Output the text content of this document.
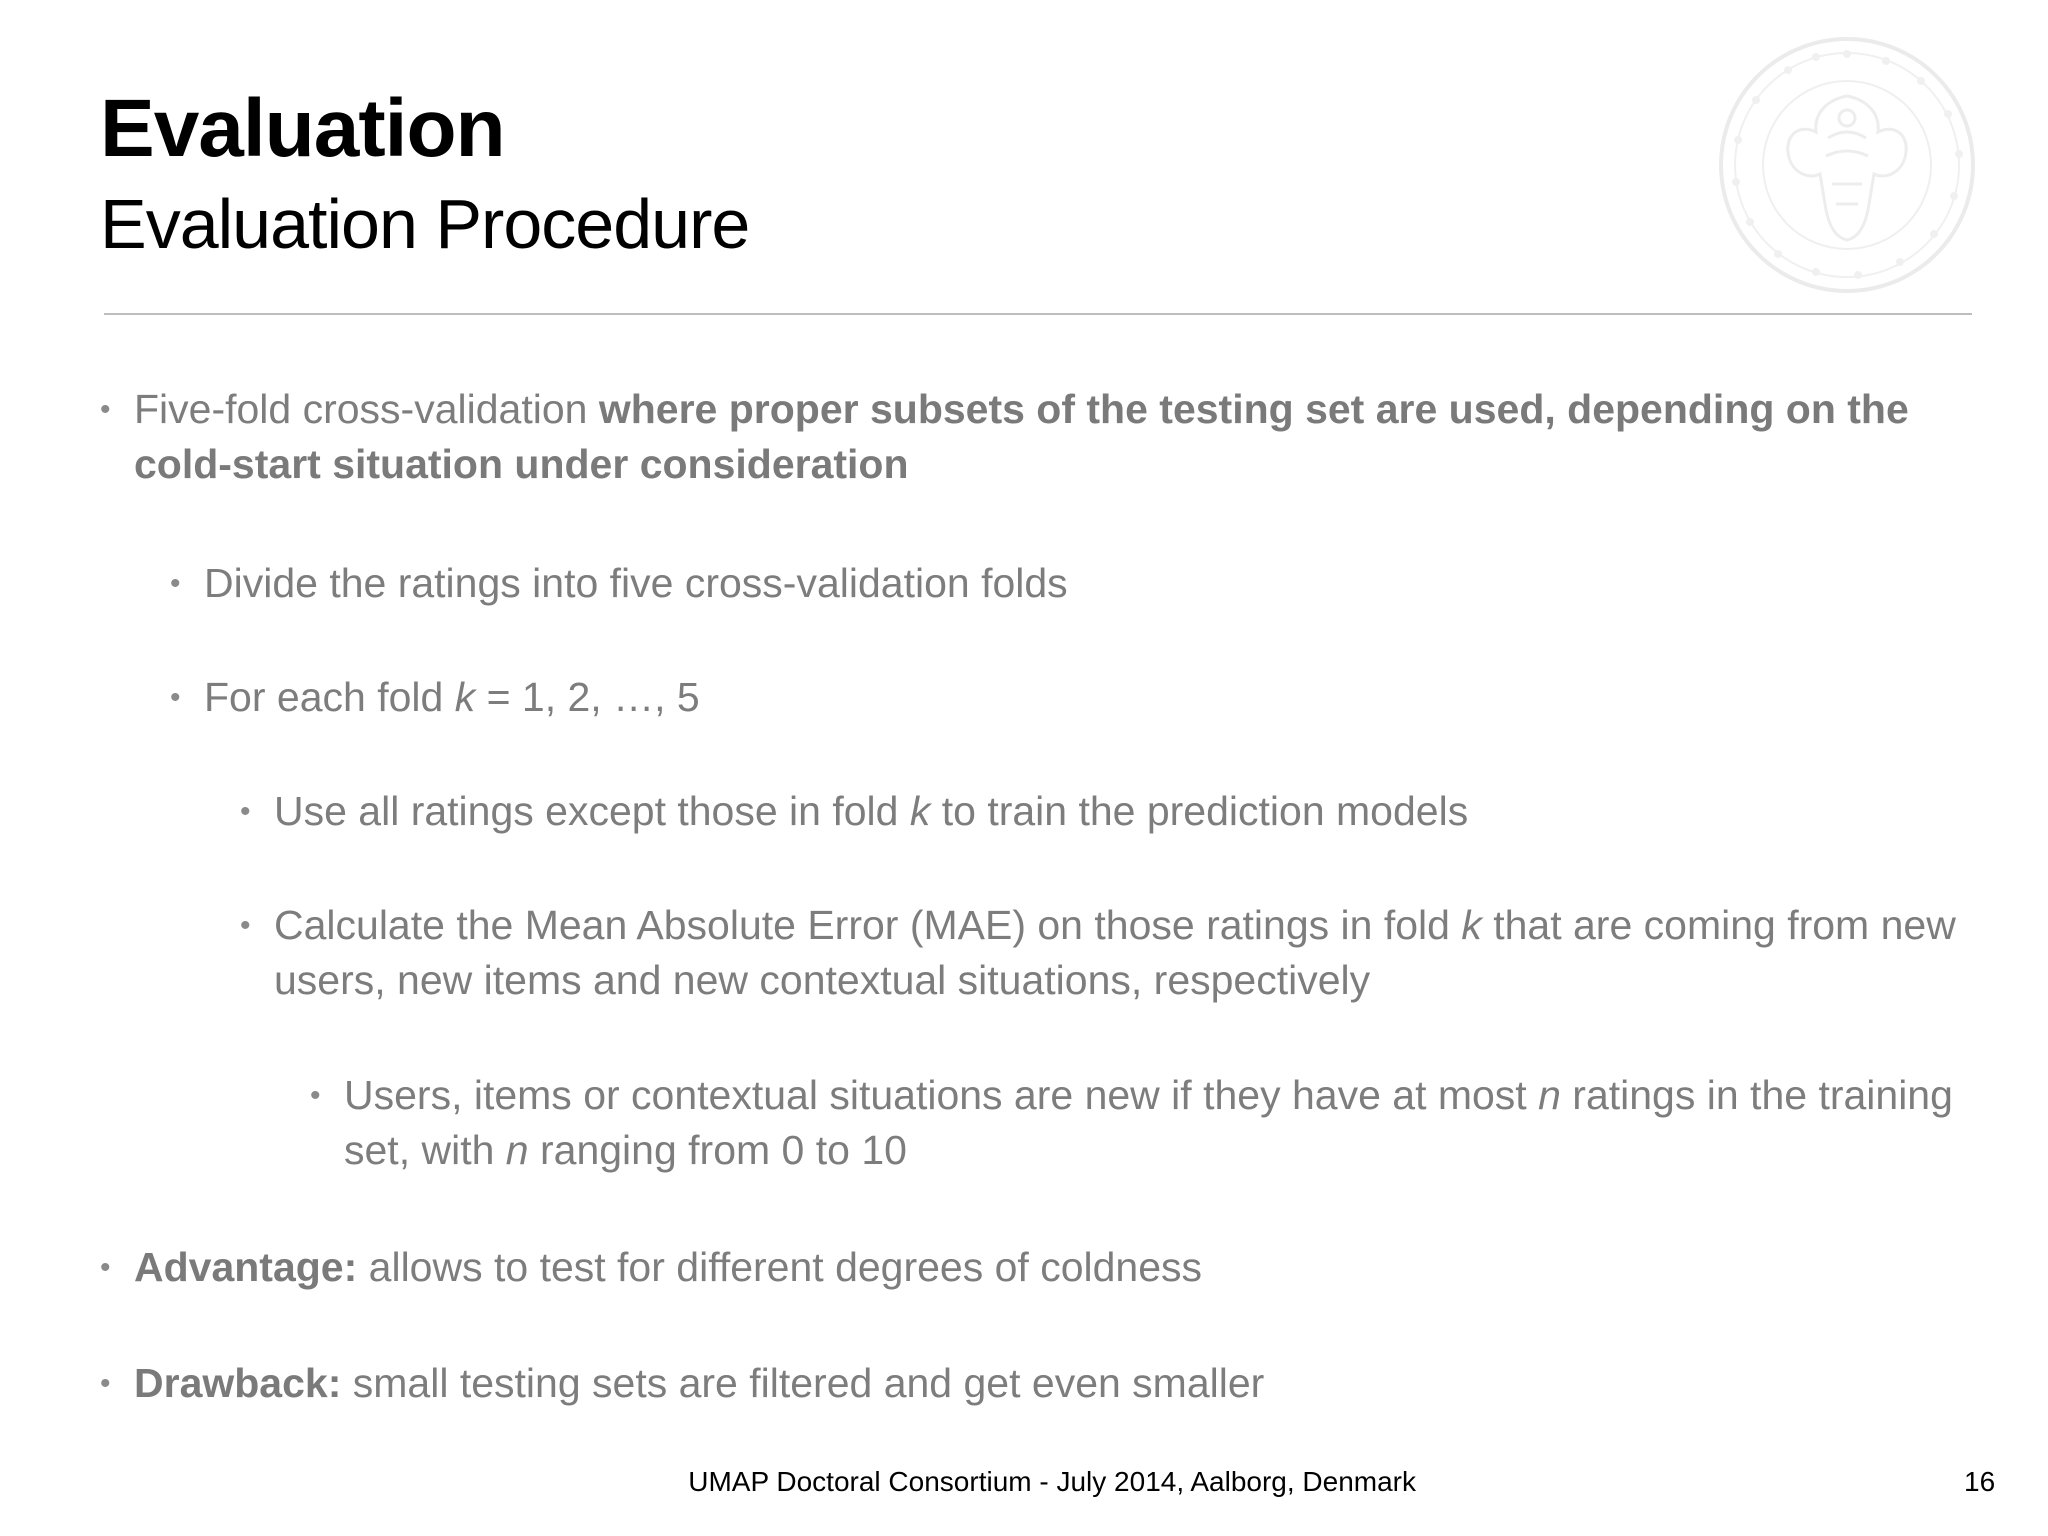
Evaluation
Evaluation Procedure
• Five-fold cross-validation where proper subsets of the testing set are used, depending on the cold-start situation under consideration
• Divide the ratings into five cross-validation folds
• For each fold k = 1, 2, …, 5
• Use all ratings except those in fold k to train the prediction models
• Calculate the Mean Absolute Error (MAE) on those ratings in fold k that are coming from new users, new items and new contextual situations, respectively
• Users, items or contextual situations are new if they have at most n ratings in the training set, with n ranging from 0 to 10
• Advantage: allows to test for different degrees of coldness
• Drawback: small testing sets are filtered and get even smaller
UMAP Doctoral Consortium - July 2014, Aalborg, Denmark	16
